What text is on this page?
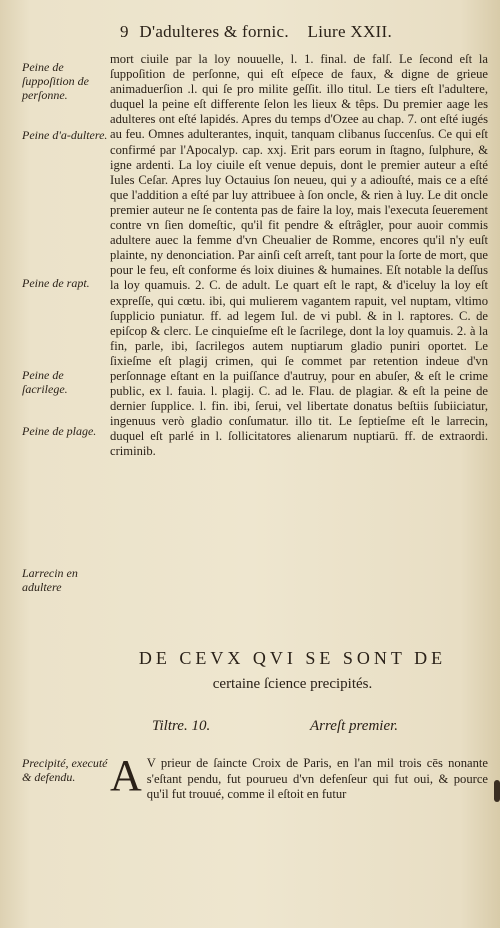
9 D'adulteres & fornic. Liure XXII.
Peine de ſuppoſition de perſonne.
Peine d'a-dultere.
Peine de rapt.
Peine de ſacrilege.
Peine de plage.
Larrecin en adultere

mort ciuile par la loy nouuelle, l. 1. final. de falſ. Le ſecond eſt la ſuppoſition de perſonne, qui eſt eſpece de faux, & digne de grieue animaduerſion .l. qui ſe pro milite geſſit. illo titul. Le tiers eſt l'adultere, duquel la peine eſt differente ſelon les lieux & têps. Du premier aage les adulteres ont eſté lapidés. Apres du temps d'Ozee au chap. 7. ont eſté iugés au feu. Omnes adulterantes, inquit, tanquam clibanus ſuccenſus. Ce qui eſt confirmé par l'Apocalyp. cap. xxj. Erit pars eorum in ſtagno, ſulphure, & igne ardenti. La loy ciuile eſt venue depuis, dont le premier auteur a eſté Iules Ceſar. Apres luy Octauius ſon neueu, qui y a adiouſté, mais ce a eſté que l'addition a eſté par luy attribuee à ſon oncle, & rien à luy. Le dit oncle premier auteur ne ſe contenta pas de faire la loy, mais l'executa ſeuerement contre vn ſien domeſtic, qu'il fit pendre & eſtrâgler, pour auoir commis adultere auec la femme d'vn Cheualier de Romme, encores qu'il n'y euſt plainte, ny denonciation. Par ainſi ceſt arreſt, tant pour la ſorte de mort, que pour le feu, eſt conforme és loix diuines & humaines. Eſt notable la deſſus la loy quamuis. 2. C. de adult. Le quart eſt le rapt, & d'iceluy la loy eſt expreſſe, qui cœtu. ibi, qui mulierem vagantem rapuit, vel nuptam, vltimo ſupplicio puniatur. ff. ad legem Iul. de vi publ. & in l. raptores. C. de epiſcop & clerc. Le cinquieſme eſt le ſacrilege, dont la loy quamuis. 2. à la fin, parle, ibi, ſacrilegos autem nuptiarum gladio puniri oportet. Le ſixieſme eſt plagij crimen, qui ſe commet par retention indeue d'vn perſonnage eſtant en la puiſſance d'autruy, pour en abuſer, & eſt le crime public, ex l. fauia. l. plagij. C. ad le. Flau. de plagiar. & eſt la peine de dernier ſupplice. l. fin. ibi, ſerui, vel libertate donatus beſtiis ſubiiciatur, ingenuus verò gladio conſumatur. illo tit. Le ſeptieſme eſt le larrecin, duquel eſt parlé in l. ſollicitatores alienarum nuptiarū. ff. de extraordi. criminib.

DE CEVX QVI SE SONT DE
certaine ſcience precipités.
Tiltre. 10.	Arreſt premier.
Precipité, executé & defendu. A V prieur de ſaincte Croix de Paris, en l'an mil trois cēs nonante s'eſtant pendu, fut pourueu d'vn defenſeur qui fut oui, & pource qu'il fut trouué, comme il eſtoit en futur
